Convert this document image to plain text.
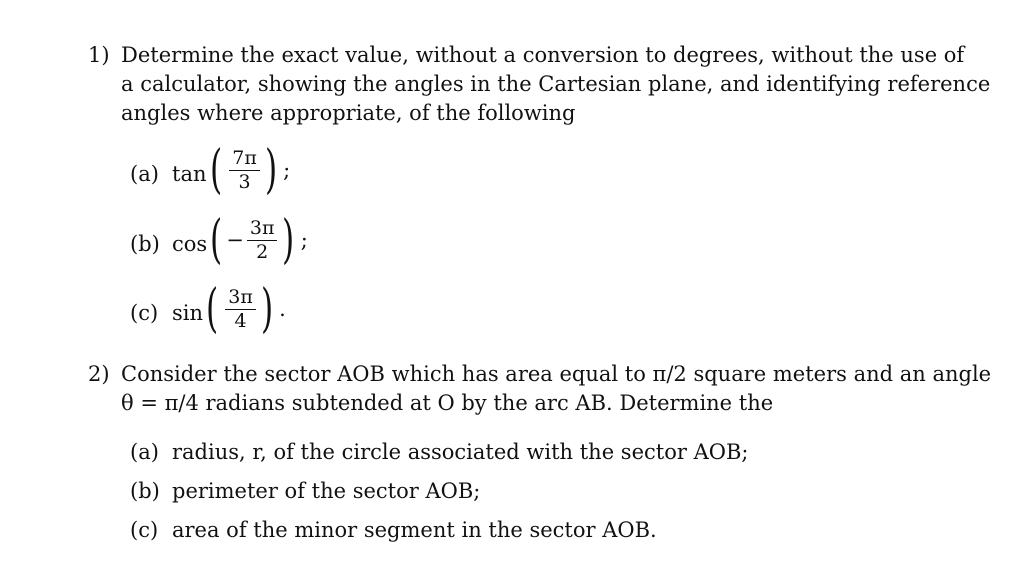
1) Determine the exact value, without a conversion to degrees, without the use of
a calculator, showing the angles in the Cartesian plane, and identifying reference
angles where appropriate, of the following
(a) tan ( $\frac{7\pi}{3}$ ) ;
(b) cos ( − $\frac{3\pi}{2}$ ) ;
(c) sin ( $\frac{3\pi}{4}$ ) .
2) Consider the sector AOB which has area equal to π/2 square meters and an angle
θ = π/4 radians subtended at O by the arc AB. Determine the
(a) radius, r, of the circle associated with the sector AOB;
(b) perimeter of the sector AOB;
(c) area of the minor segment in the sector AOB.
